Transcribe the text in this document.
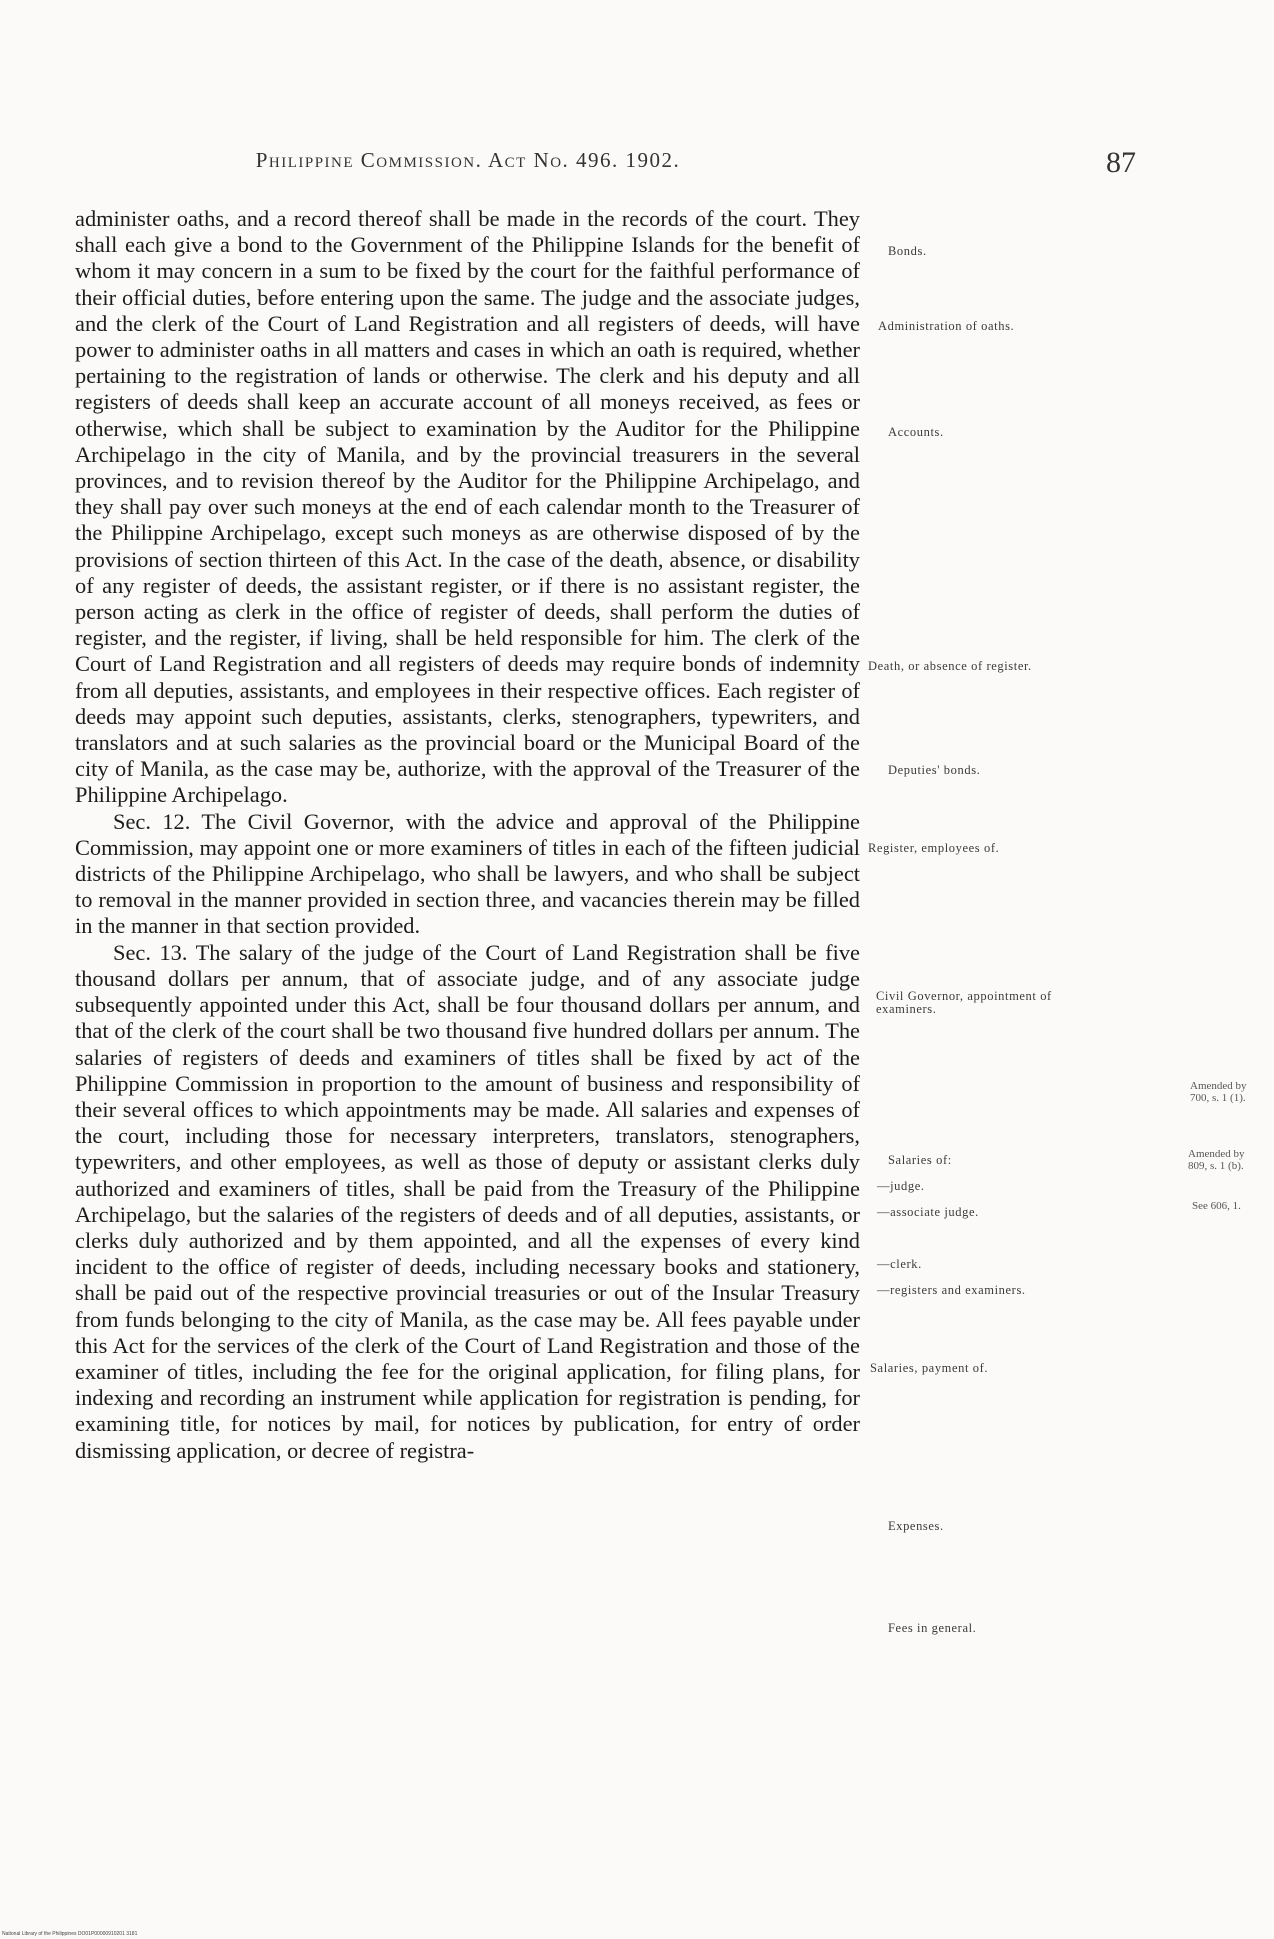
Philippine Commission. Act No. 496. 1902.	87

administer oaths, and a record thereof shall be made in the records of the court. They shall each give a bond to the Government of the Philippine Islands for the benefit of whom it may concern in a sum to be fixed by the court for the faithful performance of their official duties, before entering upon the same. The judge and the associate judges, and the clerk of the Court of Land Registration and all registers of deeds, will have power to administer oaths in all matters and cases in which an oath is required, whether pertaining to the registration of lands or otherwise. The clerk and his deputy and all registers of deeds shall keep an accurate account of all moneys received, as fees or otherwise, which shall be subject to examination by the Auditor for the Philippine Archipelago in the city of Manila, and by the provincial treasurers in the several provinces, and to revision thereof by the Auditor for the Philippine Archipelago, and they shall pay over such moneys at the end of each calendar month to the Treasurer of the Philippine Archipelago, except such moneys as are otherwise disposed of by the provisions of section thirteen of this Act. In the case of the death, absence, or disability of any register of deeds, the assistant register, or if there is no assistant register, the person acting as clerk in the office of register of deeds, shall perform the duties of register, and the register, if living, shall be held responsible for him. The clerk of the Court of Land Registration and all registers of deeds may require bonds of indemnity from all deputies, assistants, and employees in their respective offices. Each register of deeds may appoint such deputies, assistants, clerks, stenographers, typewriters, and translators and at such salaries as the provincial board or the Municipal Board of the city of Manila, as the case may be, authorize, with the approval of the Treasurer of the Philippine Archipelago.

Sec. 12. The Civil Governor, with the advice and approval of the Philippine Commission, may appoint one or more examiners of titles in each of the fifteen judicial districts of the Philippine Archipelago, who shall be lawyers, and who shall be subject to removal in the manner provided in section three, and vacancies therein may be filled in the manner in that section provided.

Sec. 13. The salary of the judge of the Court of Land Registration shall be five thousand dollars per annum, that of associate judge, and of any associate judge subsequently appointed under this Act, shall be four thousand dollars per annum, and that of the clerk of the court shall be two thousand five hundred dollars per annum. The salaries of registers of deeds and examiners of titles shall be fixed by act of the Philippine Commission in proportion to the amount of business and responsibility of their several offices to which appointments may be made. All salaries and expenses of the court, including those for necessary interpreters, translators, stenographers, typewriters, and other employees, as well as those of deputy or assistant clerks duly authorized and examiners of titles, shall be paid from the Treasury of the Philippine Archipelago, but the salaries of the registers of deeds and of all deputies, assistants, or clerks duly authorized and by them appointed, and all the expenses of every kind incident to the office of register of deeds, including necessary books and stationery, shall be paid out of the respective provincial treasuries or out of the Insular Treasury from funds belonging to the city of Manila, as the case may be. All fees payable under this Act for the services of the clerk of the Court of Land Registration and those of the examiner of titles, including the fee for the original application, for filing plans, for indexing and recording an instrument while application for registration is pending, for examining title, for notices by mail, for notices by publication, for entry of order dismissing application, or decree of registra-

Bonds.
Administration of oaths.
Accounts.
Death, or absence of register.
Deputies' bonds.
Register, employees of.
Civil Governor, appointment of examiners.
Salaries of:
—judge.
—associate judge.
—clerk.
—registers and examiners.
Salaries, payment of.
Expenses.
Fees in general.
Amended by 700, s. 1 (1).
Amended by 809, s. 1 (b).
See 606, 1.
National Library of the Philippines DO01P00000910201 3181
